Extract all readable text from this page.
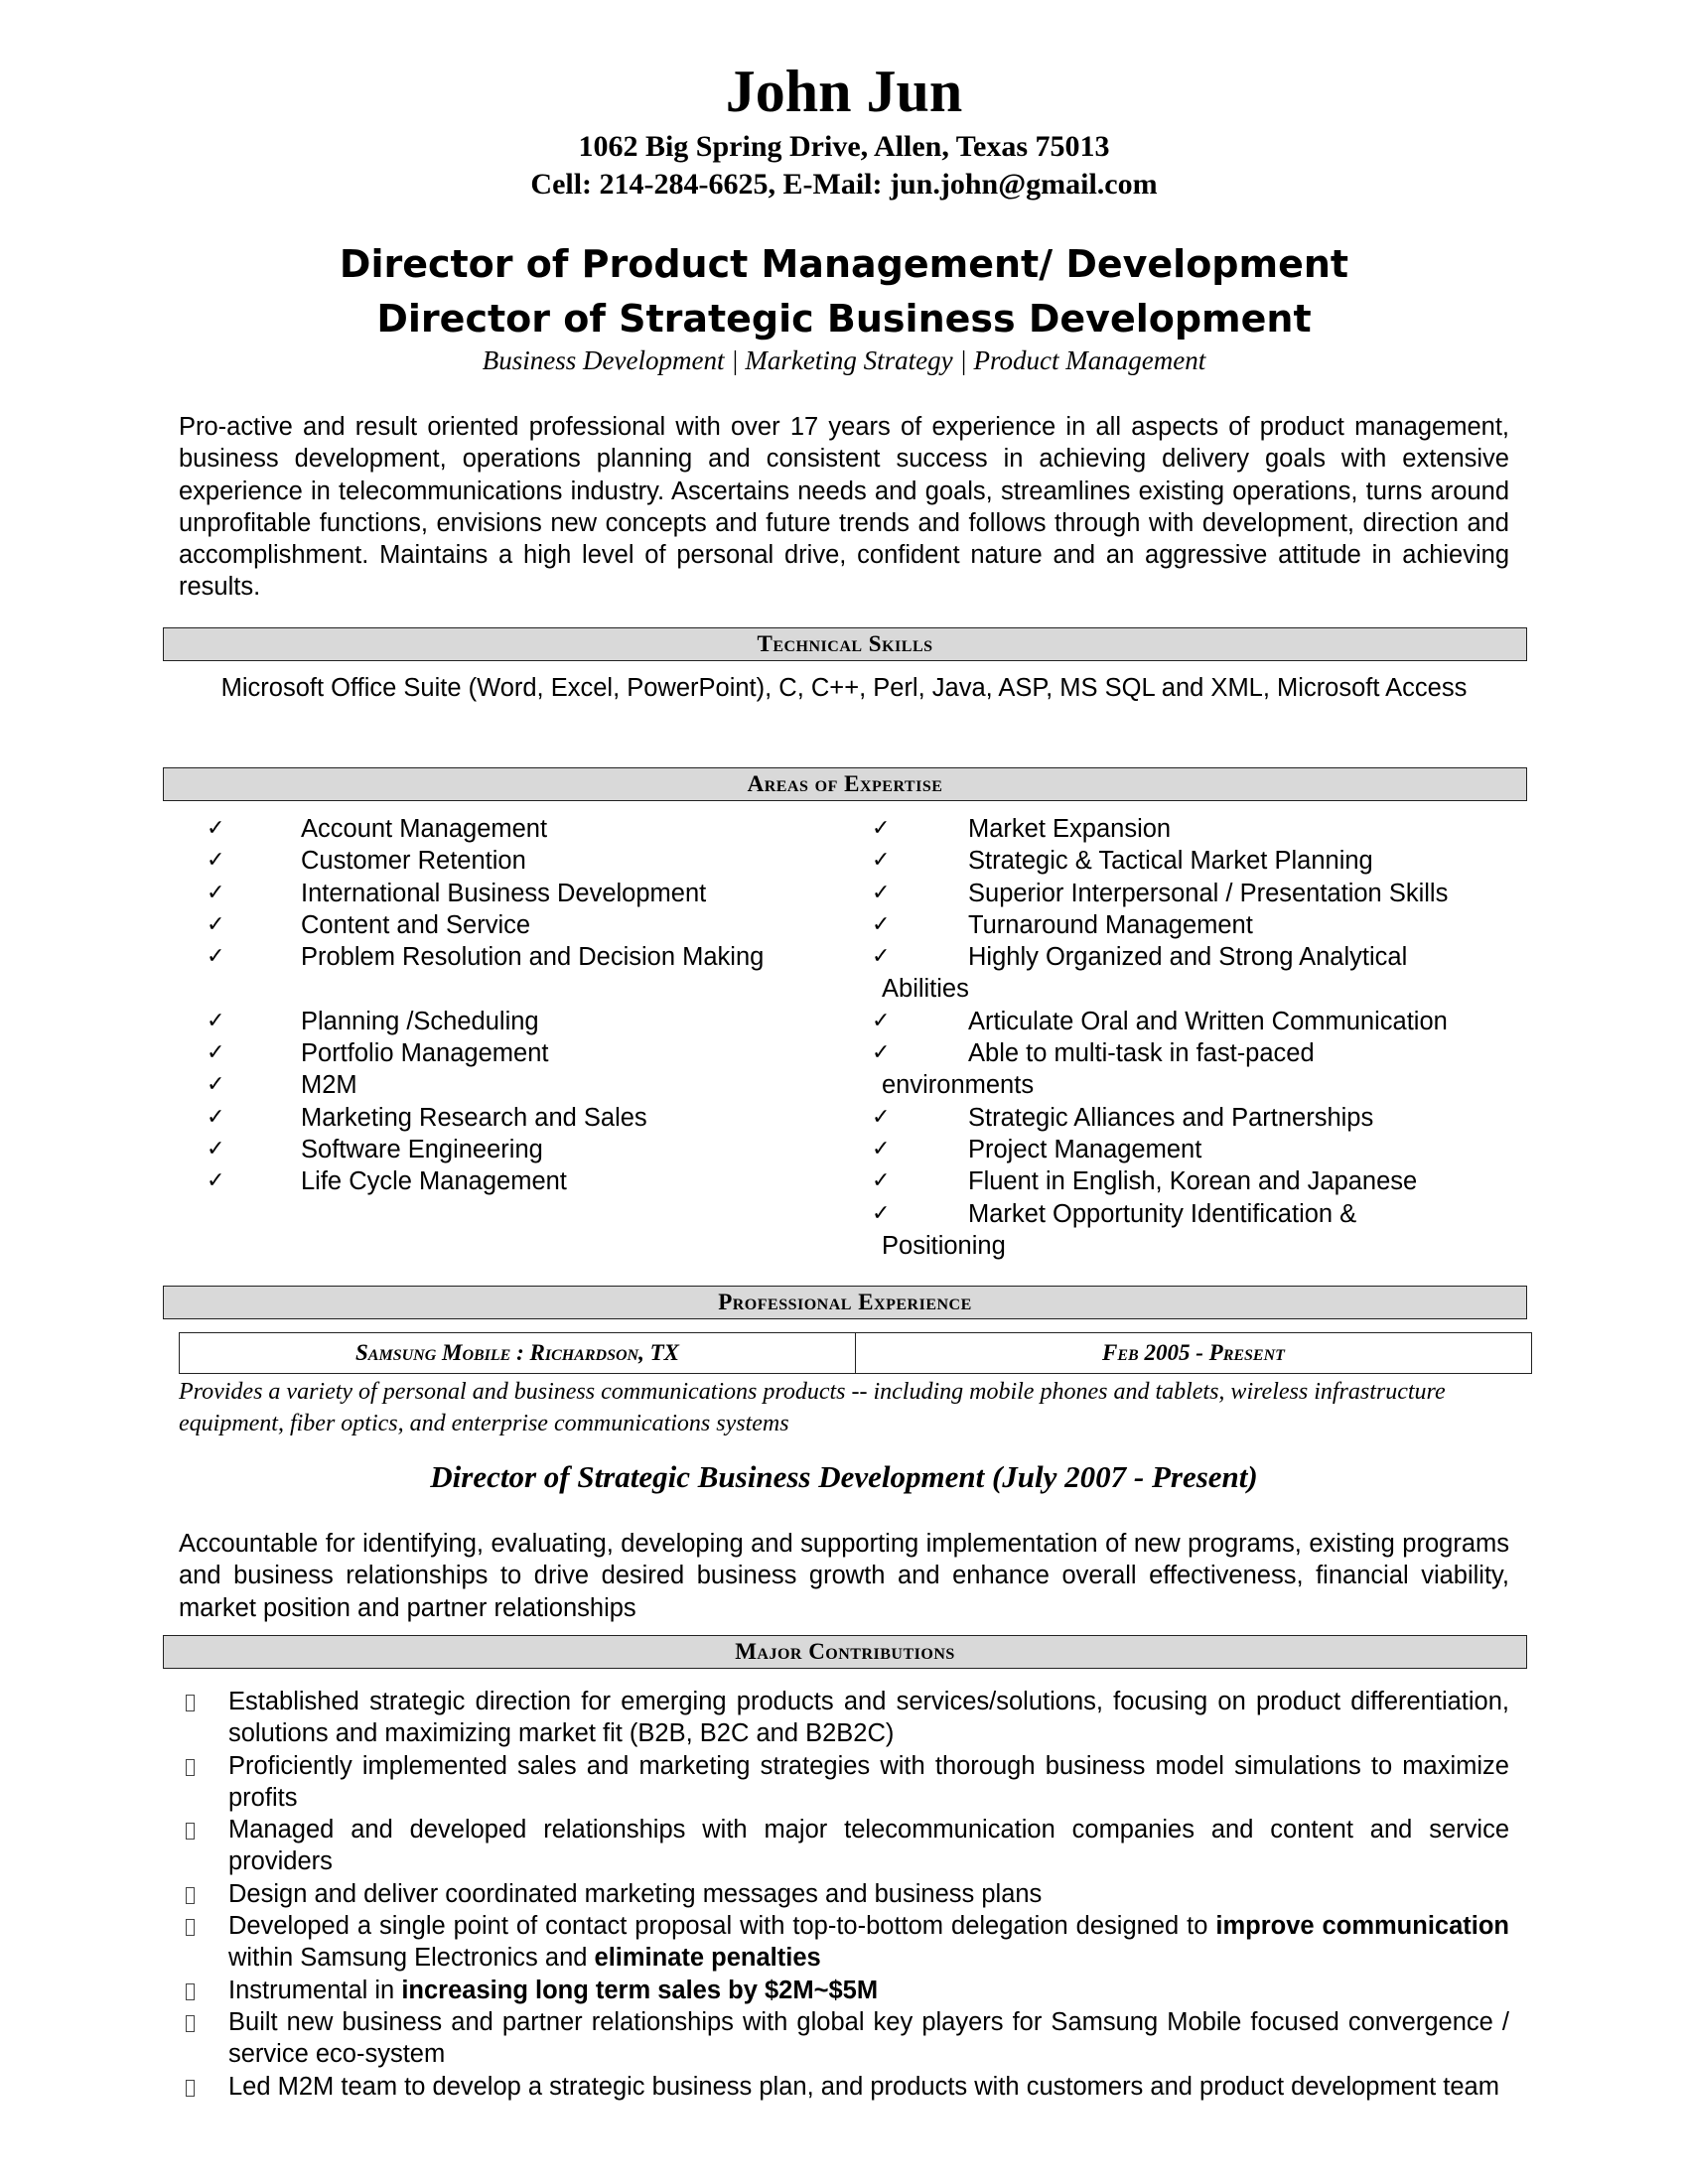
John Jun
1062 Big Spring Drive, Allen, Texas 75013
Cell: 214-284-6625, E-Mail: jun.john@gmail.com
Director of Product Management/ Development
Director of Strategic Business Development
Business Development | Marketing Strategy | Product Management
Pro-active and result oriented professional with over 17 years of experience in all aspects of product management, business development, operations planning and consistent success in achieving delivery goals with extensive experience in telecommunications industry. Ascertains needs and goals, streamlines existing operations, turns around unprofitable functions, envisions new concepts and future trends and follows through with development, direction and accomplishment. Maintains a high level of personal drive, confident nature and an aggressive attitude in achieving results.
Technical Skills
Microsoft Office Suite (Word, Excel, PowerPoint), C, C++, Perl, Java, ASP, MS SQL and XML, Microsoft Access
Areas of Expertise
✓	Account Management
✓	Customer Retention
✓	International Business Development
✓	Content and Service
✓	Problem Resolution and Decision Making
✓	Planning /Scheduling
✓	Portfolio Management
✓	M2M
✓	Marketing Research and Sales
✓	Software Engineering
✓	Life Cycle Management
✓	Market Expansion
✓	Strategic & Tactical Market Planning
✓	Superior Interpersonal / Presentation Skills
✓	Turnaround Management
✓	Highly Organized and Strong Analytical
Abilities
✓	Articulate Oral and Written Communication
✓	Able to multi-task in fast-paced
environments
✓	Strategic Alliances and Partnerships
✓	Project Management
✓	Fluent in English, Korean and Japanese
✓	Market Opportunity Identification &
Positioning
Professional Experience
Samsung Mobile : Richardson, TX	Feb 2005 - Present
Provides a variety of personal and business communications products -- including mobile phones and tablets, wireless infrastructure equipment, fiber optics, and enterprise communications systems
Director of Strategic Business Development (July 2007 - Present)
Accountable for identifying, evaluating, developing and supporting implementation of new programs, existing programs and business relationships to drive desired business growth and enhance overall effectiveness, financial viability, market position and partner relationships
Major Contributions
Established strategic direction for emerging products and services/solutions, focusing on product differentiation, solutions and maximizing market fit (B2B, B2C and B2B2C)
Proficiently implemented sales and marketing strategies with thorough business model simulations to maximize profits
Managed and developed relationships with major telecommunication companies and content and service providers
Design and deliver coordinated marketing messages and business plans
Developed a single point of contact proposal with top-to-bottom delegation designed to improve communication within Samsung Electronics and eliminate penalties
Instrumental in increasing long term sales by $2M~$5M
Built new business and partner relationships with global key players for Samsung Mobile focused convergence / service eco-system
Led M2M team to develop a strategic business plan, and products with customers and product development team
